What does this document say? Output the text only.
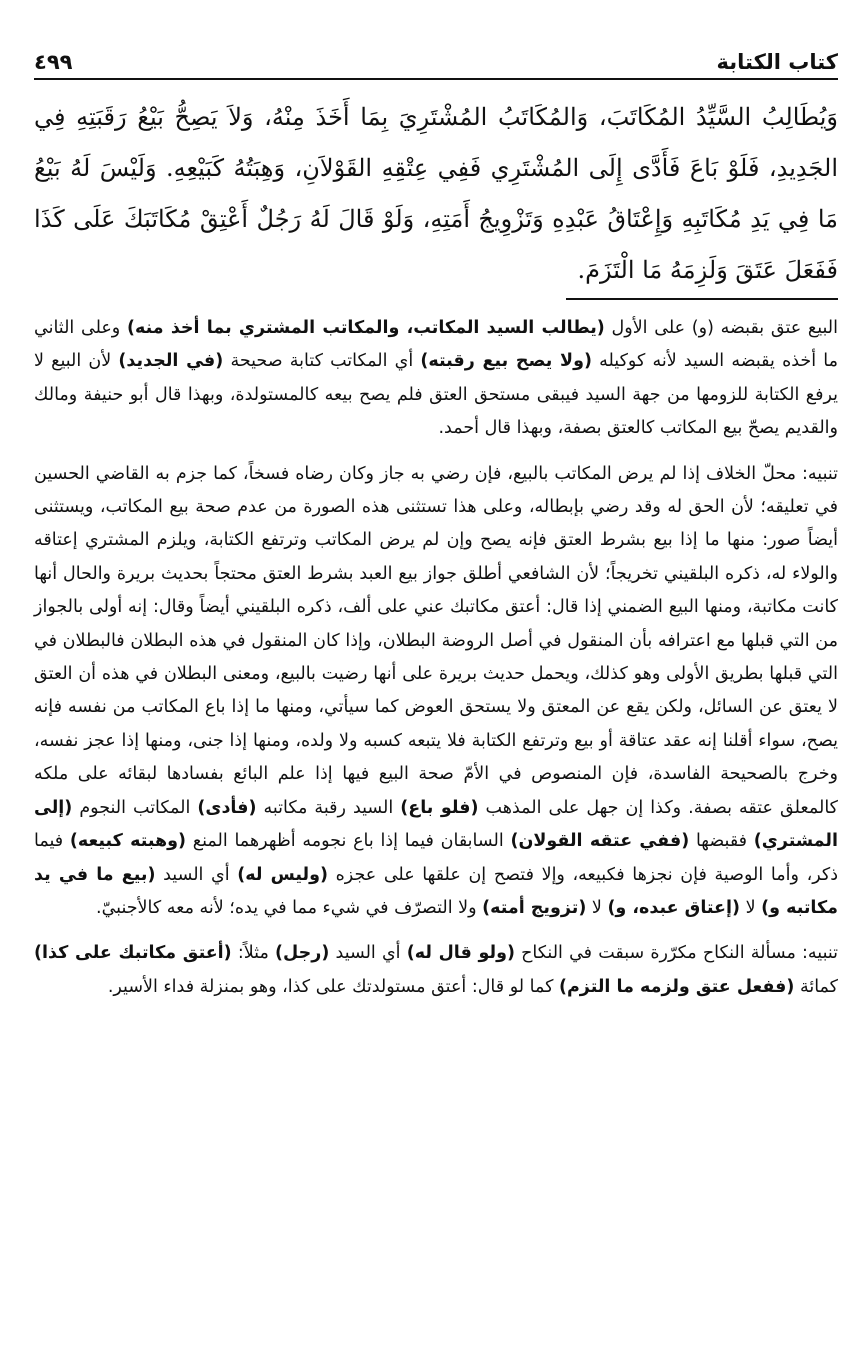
كتاب الكتابة
٤٩٩
وَيُطَالِبُ السَّيِّدُ المُكَاتَبَ، وَالمُكَاتَبُ المُشْتَرِيَ بِمَا أَخَذَ مِنْهُ، وَلاَ يَصِحُّ بَيْعُ رَقَبَتِهِ فِي الجَدِيدِ، فَلَوْ بَاعَ فَأَدَّى إِلَى المُشْتَرِي فَفِي عِتْقِهِ القَوْلاَنِ، وَهِبَتُهُ كَبَيْعِهِ. وَلَيْسَ لَهُ بَيْعُ مَا فِي يَدِ مُكَاتَبِهِ وَإِعْتَاقُ عَبْدِهِ وَتَزْوِيجُ أَمَتِهِ، وَلَوْ قَالَ لَهُ رَجُلٌ أَعْتِقْ مُكَاتَبَكَ عَلَى كَذَا فَفَعَلَ عَتَقَ وَلَزِمَهُ مَا الْتَزَمَ.

البيع عتق بقبضه (و) على الأول (يطالب السيد المكاتب، والمكاتب المشتري بما أخذ منه) وعلى الثاني ما أخذه يقبضه السيد لأنه كوكيله (ولا يصح بيع رقبته) أي المكاتب كتابة صحيحة (في الجديد) لأن البيع لا يرفع الكتابة للزومها من جهة السيد فيبقى مستحق العتق فلم يصح بيعه كالمستولدة، وبهذا قال أبو حنيفة ومالك والقديم يصحّ بيع المكاتب كالعتق بصفة، وبهذا قال أحمد.

تنبيه: محلّ الخلاف إذا لم يرض المكاتب بالبيع، فإن رضي به جاز وكان رضاه فسخاً، كما جزم به القاضي الحسين في تعليقه؛ لأن الحق له وقد رضي بإبطاله، وعلى هذا تستثنى هذه الصورة من عدم صحة بيع المكاتب، ويستثنى أيضاً صور: منها ما إذا بيع بشرط العتق فإنه يصح وإن لم يرض المكاتب وترتفع الكتابة، ويلزم المشتري إعتاقه والولاء له، ذكره البلقيني تخريجاً؛ لأن الشافعي أطلق جواز بيع العبد بشرط العتق محتجاً بحديث بريرة والحال أنها كانت مكاتبة، ومنها البيع الضمني إذا قال: أعتق مكاتبك عني على ألف، ذكره البلقيني أيضاً وقال: إنه أولى بالجواز من التي قبلها مع اعترافه بأن المنقول في أصل الروضة البطلان، وإذا كان المنقول في هذه البطلان فالبطلان في التي قبلها بطريق الأولى وهو كذلك، ويحمل حديث بريرة على أنها رضيت بالبيع، ومعنى البطلان في هذه أن العتق لا يعتق عن السائل، ولكن يقع عن المعتق ولا يستحق العوض كما سيأتي، ومنها ما إذا باع المكاتب من نفسه فإنه يصح، سواء أقلنا إنه عقد عتاقة أو بيع وترتفع الكتابة فلا يتبعه كسبه ولا ولده، ومنها إذا جنى، ومنها إذا عجز نفسه، وخرج بالصحيحة الفاسدة، فإن المنصوص في الأمّ صحة البيع فيها إذا علم البائع بفسادها لبقائه على ملكه كالمعلق عتقه بصفة. وكذا إن جهل على المذهب (فلو باع) السيد رقبة مكاتبه (فأدى) المكاتب النجوم (إلى المشتري) فقبضها (ففي عتقه القولان) السابقان فيما إذا باع نجومه أظهرهما المنع (وهبته كبيعه) فيما ذكر، وأما الوصية فإن نجزها فكبيعه، وإلا فتصح إن علقها على عجزه (وليس له) أي السيد (بيع ما في يد مكاتبه و) لا (إعتاق عبده، و) لا (تزويج أمته) ولا التصرّف في شيء مما في يده؛ لأنه معه كالأجنبيّ.

تنبيه: مسألة النكاح مكرّرة سبقت في النكاح (ولو قال له) أي السيد (رجل) مثلاً: (أعتق مكاتبك على كذا) كمائة (ففعل عتق ولزمه ما التزم) كما لو قال: أعتق مستولدتك على كذا، وهو بمنزلة فداء الأسير.
